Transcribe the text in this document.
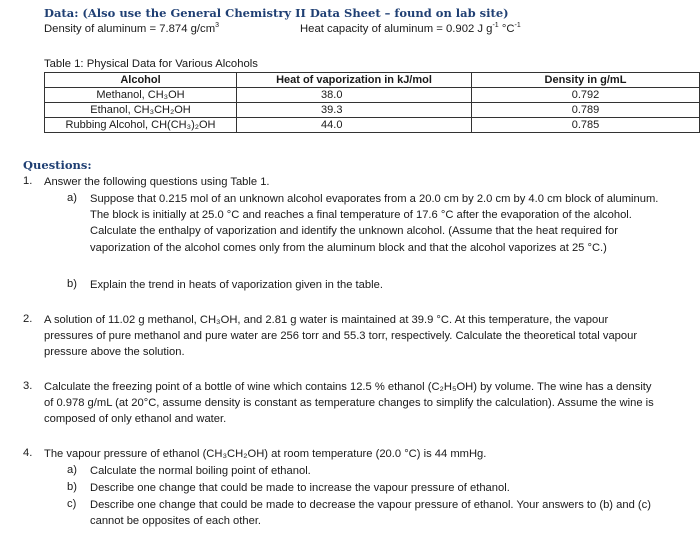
Data: (Also use the General Chemistry II Data Sheet – found on lab site)
Density of aluminum = 7.874 $g/cm^3$	Heat capacity of aluminum = 0.902 J $g^{-1}$ $^\circ C^{-1}$
Table 1: Physical Data for Various Alcohols
Alcohol	Heat of vaporization in kJ/mol	Density in g/mL
Methanol, CH₃OH	38.0	0.792
Ethanol, CH₃CH₂OH	39.3	0.789
Rubbing Alcohol, CH(CH₃)₂OH	44.0	0.785
Questions:
1. Answer the following questions using Table 1.
a) Suppose that 0.215 mol of an unknown alcohol evaporates from a 20.0 cm by 2.0 cm by 4.0 cm block of aluminum. The block is initially at 25.0 °C and reaches a final temperature of 17.6 °C after the evaporation of the alcohol. Calculate the enthalpy of vaporization and identify the unknown alcohol. (Assume that the heat required for vaporization of the alcohol comes only from the aluminum block and that the alcohol vaporizes at 25 °C.)
b) Explain the trend in heats of vaporization given in the table.
2. A solution of 11.02 g methanol, CH₃OH, and 2.81 g water is maintained at 39.9 °C. At this temperature, the vapour pressures of pure methanol and pure water are 256 torr and 55.3 torr, respectively. Calculate the theoretical total vapour pressure above the solution.
3. Calculate the freezing point of a bottle of wine which contains 12.5 % ethanol (C₂H₅OH) by volume. The wine has a density of 0.978 g/mL (at 20°C, assume density is constant as temperature changes to simplify the calculation). Assume the wine is composed of only ethanol and water.
4. The vapour pressure of ethanol (CH₃CH₂OH) at room temperature (20.0 °C) is 44 mmHg.
a) Calculate the normal boiling point of ethanol.
b) Describe one change that could be made to increase the vapour pressure of ethanol.
c) Describe one change that could be made to decrease the vapour pressure of ethanol. Your answers to (b) and (c) cannot be opposites of each other.
